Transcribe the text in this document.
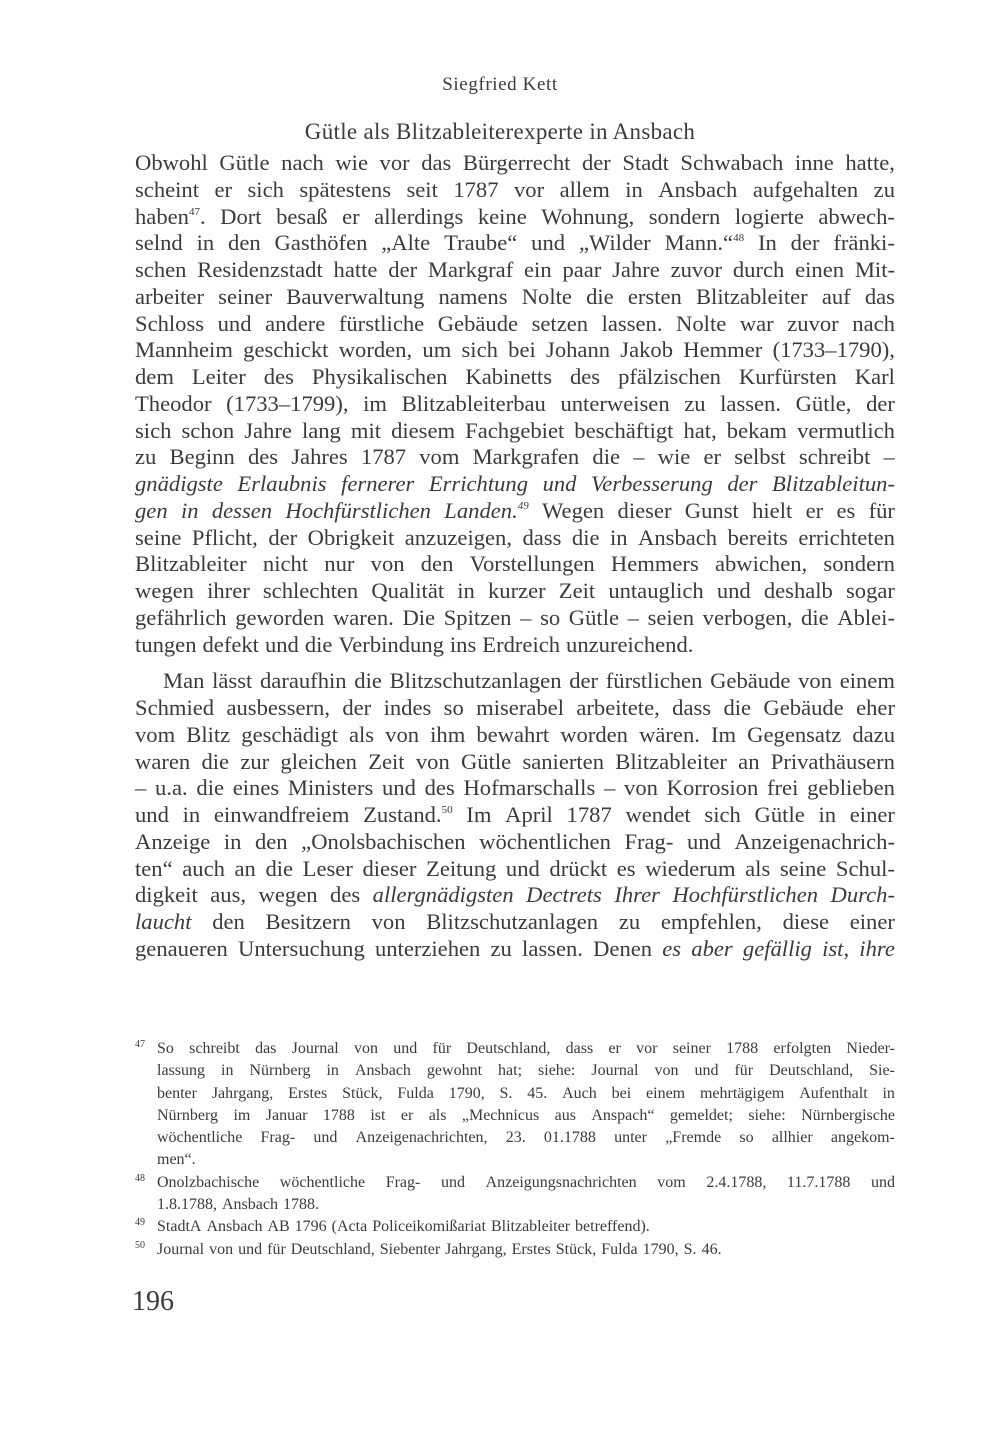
Siegfried Kett
Gütle als Blitzableiterexperte in Ansbach
Obwohl Gütle nach wie vor das Bürgerrecht der Stadt Schwabach inne hatte,
scheint er sich spätestens seit 1787 vor allem in Ansbach aufgehalten zu
haben$^{47}$. Dort besaß er allerdings keine Wohnung, sondern logierte abwech-
selnd in den Gasthöfen „Alte Traube“ und „Wilder Mann.“$^{48}$ In der fränki-
schen Residenzstadt hatte der Markgraf ein paar Jahre zuvor durch einen Mit-
arbeiter seiner Bauverwaltung namens Nolte die ersten Blitzableiter auf das
Schloss und andere fürstliche Gebäude setzen lassen. Nolte war zuvor nach
Mannheim geschickt worden, um sich bei Johann Jakob Hemmer (1733–1790),
dem Leiter des Physikalischen Kabinetts des pfälzischen Kurfürsten Karl
Theodor (1733–1799), im Blitzableiterbau unterweisen zu lassen. Gütle, der
sich schon Jahre lang mit diesem Fachgebiet beschäftigt hat, bekam vermutlich
zu Beginn des Jahres 1787 vom Markgrafen die – wie er selbst schreibt –
gnädigste Erlaubnis fernerer Errichtung und Verbesserung der Blitzableitun-
gen in dessen Hochfürstlichen Landen.$^{49}$ Wegen dieser Gunst hielt er es für
seine Pflicht, der Obrigkeit anzuzeigen, dass die in Ansbach bereits errichteten
Blitzableiter nicht nur von den Vorstellungen Hemmers abwichen, sondern
wegen ihrer schlechten Qualität in kurzer Zeit untauglich und deshalb sogar
gefährlich geworden waren. Die Spitzen – so Gütle – seien verbogen, die Ablei-
tungen defekt und die Verbindung ins Erdreich unzureichend.
Man lässt daraufhin die Blitzschutzanlagen der fürstlichen Gebäude von einem
Schmied ausbessern, der indes so miserabel arbeitete, dass die Gebäude eher
vom Blitz geschädigt als von ihm bewahrt worden wären. Im Gegensatz dazu
waren die zur gleichen Zeit von Gütle sanierten Blitzableiter an Privathäusern
– u.a. die eines Ministers und des Hofmarschalls – von Korrosion frei geblieben
und in einwandfreiem Zustand.$^{50}$ Im April 1787 wendet sich Gütle in einer
Anzeige in den „Onolsbachischen wöchentlichen Frag- und Anzeigenachrich-
ten“ auch an die Leser dieser Zeitung und drückt es wiederum als seine Schul-
digkeit aus, wegen des allergnädigsten Dectrets Ihrer Hochfürstlichen Durch-
laucht den Besitzern von Blitzschutzanlagen zu empfehlen, diese einer
genaueren Untersuchung unterziehen zu lassen. Denen es aber gefällig ist, ihre
47 So schreibt das Journal von und für Deutschland, dass er vor seiner 1788 erfolgten Nieder-
lassung in Nürnberg in Ansbach gewohnt hat; siehe: Journal von und für Deutschland, Sie-
benter Jahrgang, Erstes Stück, Fulda 1790, S. 45. Auch bei einem mehrtägigem Aufenthalt in
Nürnberg im Januar 1788 ist er als „Mechnicus aus Anspach“ gemeldet; siehe: Nürnbergische
wöchentliche Frag- und Anzeigenachrichten, 23. 01.1788 unter „Fremde so allhier angekom-
men“.
48 Onolzbachische wöchentliche Frag- und Anzeigungsnachrichten vom 2.4.1788, 11.7.1788 und
1.8.1788, Ansbach 1788.
49 StadtA Ansbach AB 1796 (Acta Policeikomißariat Blitzableiter betreffend).
50 Journal von und für Deutschland, Siebenter Jahrgang, Erstes Stück, Fulda 1790, S. 46.
196
